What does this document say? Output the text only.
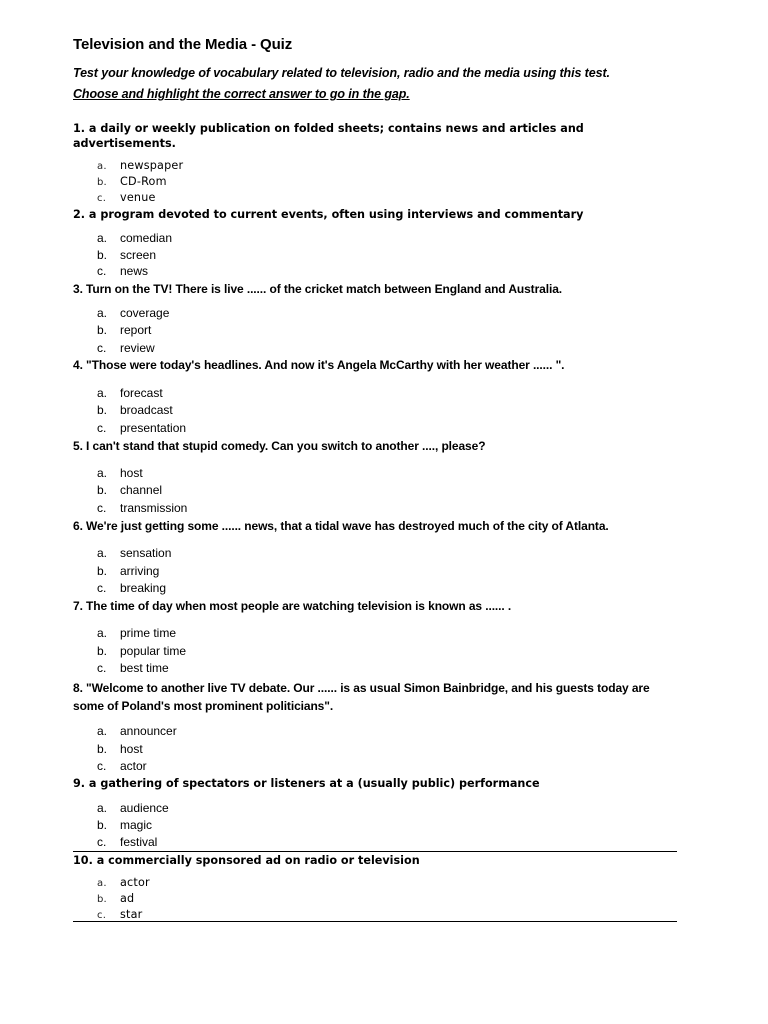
Television and the Media - Quiz
Test your knowledge of vocabulary related to television, radio and the media using this test.
Choose and highlight the correct answer to go in the gap.
1. a daily or weekly publication on folded sheets; contains news and articles and advertisements.
a. newspaper
b. CD-Rom
c. venue
2. a program devoted to current events, often using interviews and commentary
a. comedian
b. screen
c. news
3. Turn on the TV! There is live ...... of the cricket match between England and Australia.
a. coverage
b. report
c. review
4. "Those were today's headlines. And now it's Angela McCarthy with her weather ...... ".
a. forecast
b. broadcast
c. presentation
5. I can't stand that stupid comedy. Can you switch to another ...., please?
a. host
b. channel
c. transmission
6. We're just getting some ...... news, that a tidal wave has destroyed much of the city of Atlanta.
a. sensation
b. arriving
c. breaking
7. The time of day when most people are watching television is known as ...... .
a. prime time
b. popular time
c. best time
8. "Welcome to another live TV debate. Our ...... is as usual Simon Bainbridge, and his guests today are some of Poland's most prominent politicians".
a. announcer
b. host
c. actor
9. a gathering of spectators or listeners at a (usually public) performance
a. audience
b. magic
c. festival
10. a commercially sponsored ad on radio or television
a. actor
b. ad
c. star
